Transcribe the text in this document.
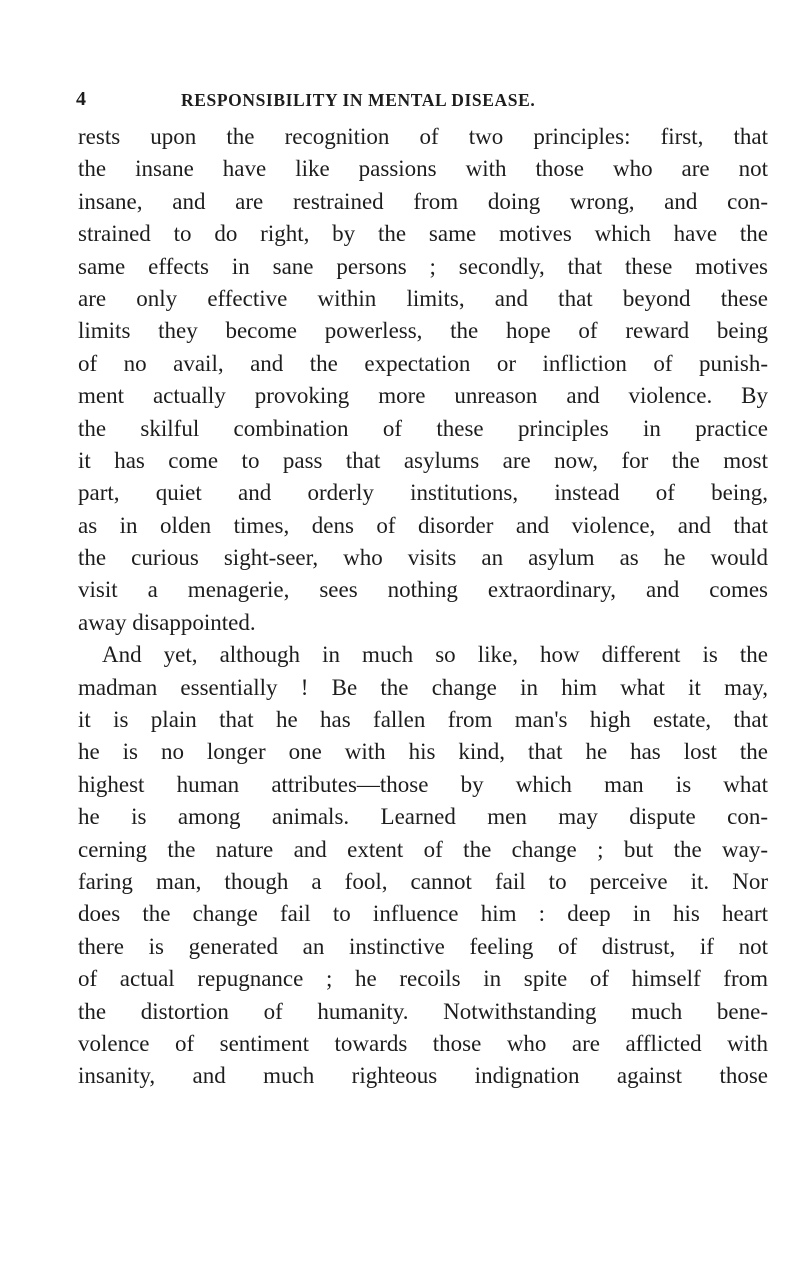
4	RESPONSIBILITY IN MENTAL DISEASE.
rests upon the recognition of two principles: first, that
the insane have like passions with those who are not
insane, and are restrained from doing wrong, and con-
strained to do right, by the same motives which have the
same effects in sane persons ; secondly, that these motives
are only effective within limits, and that beyond these
limits they become powerless, the hope of reward being
of no avail, and the expectation or infliction of punish-
ment actually provoking more unreason and violence. By
the skilful combination of these principles in practice
it has come to pass that asylums are now, for the most
part, quiet and orderly institutions, instead of being,
as in olden times, dens of disorder and violence, and that
the curious sight-seer, who visits an asylum as he would
visit a menagerie, sees nothing extraordinary, and comes
away disappointed.
And yet, although in much so like, how different is the
madman essentially ! Be the change in him what it may,
it is plain that he has fallen from man's high estate, that
he is no longer one with his kind, that he has lost the
highest human attributes—those by which man is what
he is among animals. Learned men may dispute con-
cerning the nature and extent of the change ; but the way-
faring man, though a fool, cannot fail to perceive it. Nor
does the change fail to influence him : deep in his heart
there is generated an instinctive feeling of distrust, if not
of actual repugnance ; he recoils in spite of himself from
the distortion of humanity. Notwithstanding much bene-
volence of sentiment towards those who are afflicted with
insanity, and much righteous indignation against those
